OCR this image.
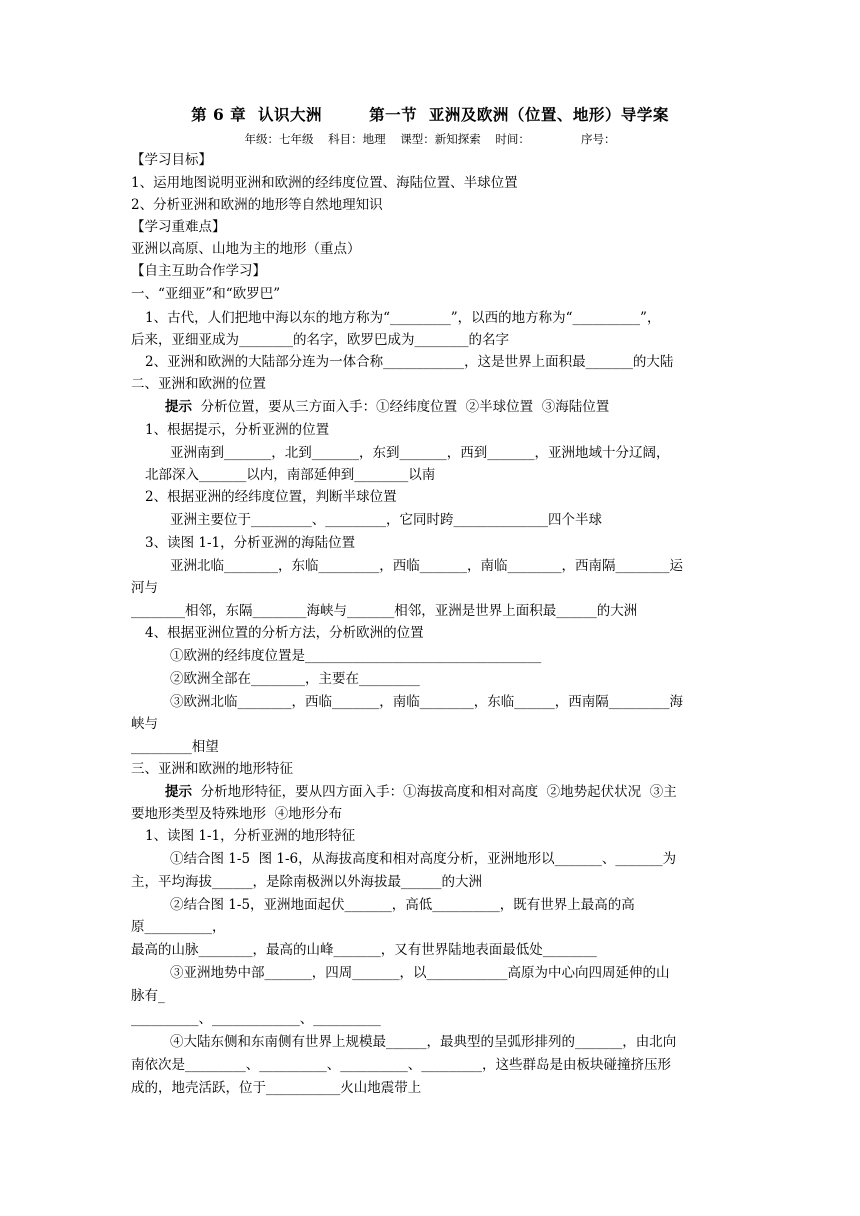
第 6 章  认识大洲        第一节  亚洲及欧洲（位置、地形）导学案
年级：七年级    科目：地理    课型：新知探索    时间：              序号：
【学习目标】
1、运用地图说明亚洲和欧洲的经纬度位置、海陆位置、半球位置
2、分析亚洲和欧洲的地形等自然地理知识
【学习重难点】
亚洲以高原、山地为主的地形（重点）
【自主互助合作学习】
一、“亚细亚”和“欧罗巴”
1、古代，人们把地中海以东的地方称为“_________”，以西的地方称为“__________”，
后来，亚细亚成为________的名字，欧罗巴成为________的名字
2、亚洲和欧洲的大陆部分连为一体合称____________，这是世界上面积最_______的大陆
二、亚洲和欧洲的位置
提示  分析位置，要从三方面入手：①经纬度位置  ②半球位置  ③海陆位置
1、根据提示，分析亚洲的位置
亚洲南到_______，北到_______，东到_______，西到_______，亚洲地域十分辽阔，
北部深入_______以内，南部延伸到________以南
2、根据亚洲的经纬度位置，判断半球位置
亚洲主要位于_________、_________，它同时跨______________四个半球
3、读图 1-1，分析亚洲的海陆位置
亚洲北临________，东临_________，西临_______，南临________，西南隔________运
河与
________相邻，东隔________海峡与_______相邻，亚洲是世界上面积最______的大洲
4、根据亚洲位置的分析方法，分析欧洲的位置
①欧洲的经纬度位置是___________________________________
②欧洲全部在________，主要在_________
③欧洲北临________，西临_______，南临________，东临______，西南隔_________海
峡与
_________相望
三、亚洲和欧洲的地形特征
提示  分析地形特征，要从四方面入手：①海拔高度和相对高度  ②地势起伏状况  ③主
要地形类型及特殊地形  ④地形分布
1、读图 1-1，分析亚洲的地形特征
①结合图 1-5  图 1-6，从海拔高度和相对高度分析，亚洲地形以_______、_______为
主，平均海拔______，是除南极洲以外海拔最______的大洲
②结合图 1-5，亚洲地面起伏_______，高低__________，既有世界上最高的高
原__________，
最高的山脉________，最高的山峰_______，又有世界陆地表面最低处________
③亚洲地势中部_______，四周_______，以____________高原为中心向四周延伸的山
脉有_
__________、_____________、__________
④大陆东侧和东南侧有世界上规模最______，最典型的呈弧形排列的_______，由北向
南依次是_________、__________、__________、_________，这些群岛是由板块碰撞挤压形
成的，地壳活跃，位于___________火山地震带上
